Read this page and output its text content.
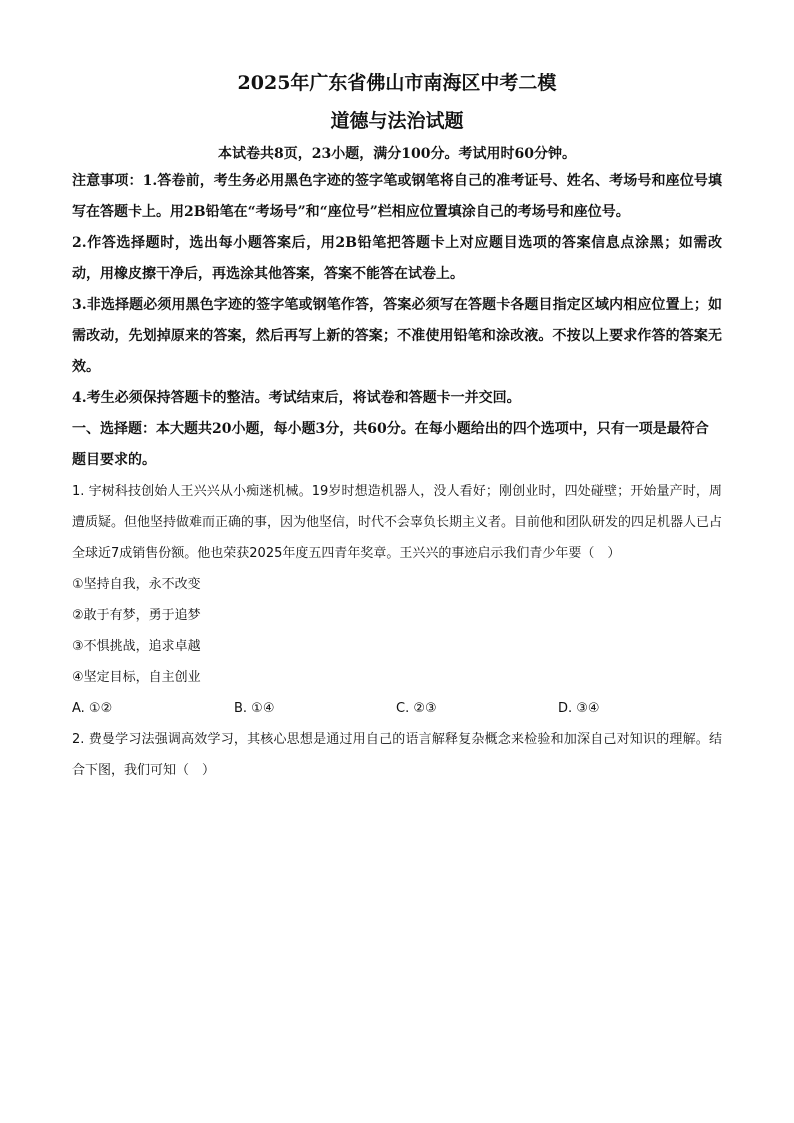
2025年广东省佛山市南海区中考二模
道德与法治试题

本试卷共8页，23小题，满分100分。考试用时60分钟。

注意事项：1.答卷前，考生务必用黑色字迹的签字笔或钢笔将自己的准考证号、姓名、考场号和座位号填写在答题卡上。用2B铅笔在“考场号”和“座位号”栏相应位置填涂自己的考场号和座位号。

2.作答选择题时，选出每小题答案后，用2B铅笔把答题卡上对应题目选项的答案信息点涂黑；如需改动，用橡皮擦干净后，再选涂其他答案，答案不能答在试卷上。

3.非选择题必须用黑色字迹的签字笔或钢笔作答，答案必须写在答题卡各题目指定区域内相应位置上；如需改动，先划掉原来的答案，然后再写上新的答案；不准使用铅笔和涂改液。不按以上要求作答的答案无效。

4.考生必须保持答题卡的整洁。考试结束后，将试卷和答题卡一并交回。

一、选择题：本大题共20小题，每小题3分，共60分。在每小题给出的四个选项中，只有一项是最符合题目要求的。

1. 宇树科技创始人王兴兴从小痴迷机械。19岁时想造机器人，没人看好；刚创业时，四处碰壁；开始量产时，周遭质疑。但他坚持做难而正确的事，因为他坚信，时代不会辜负长期主义者。目前他和团队研发的四足机器人已占全球近7成销售份额。他也荣获2025年度五四青年奖章。王兴兴的事迹启示我们青少年要（　）

①坚持自我，永不改变

②敢于有梦，勇于追梦

③不惧挑战，追求卓越

④坚定目标，自主创业

A. ①②	B. ①④	C. ②③	D. ③④

2. 费曼学习法强调高效学习，其核心思想是通过用自己的语言解释复杂概念来检验和加深自己对知识的理解。结合下图，我们可知（　）
